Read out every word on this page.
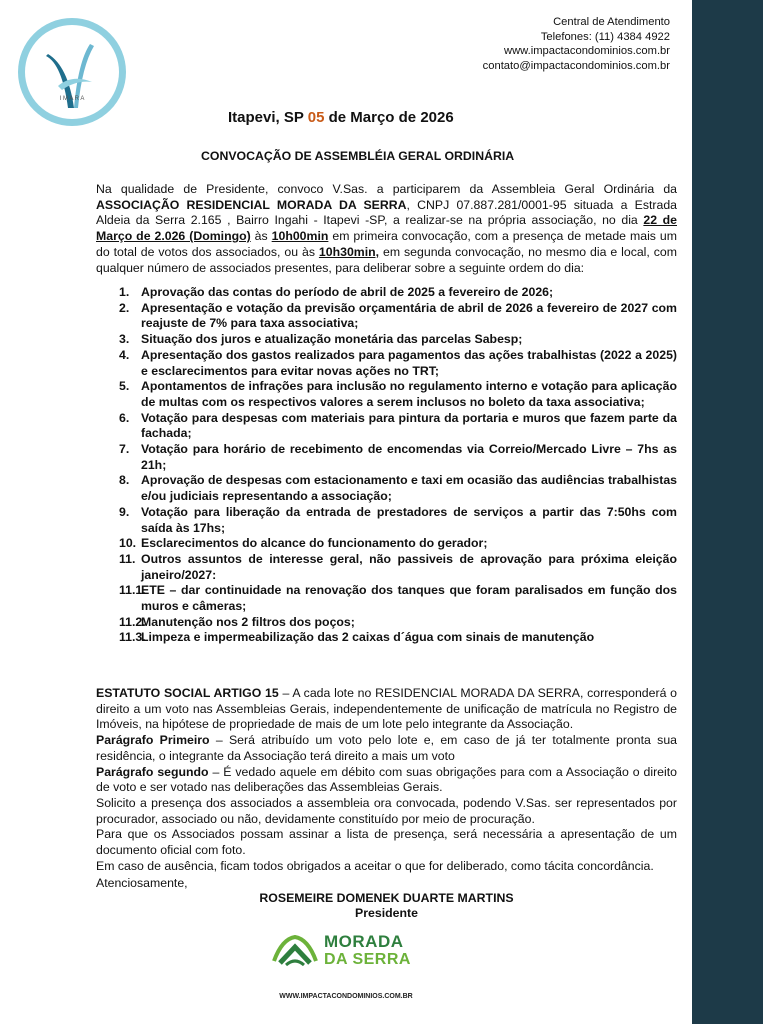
I M A R A
Central de Atendimento
Telefones: (11) 4384 4922
www.impactacondominios.com.br
contato@impactacondominios.com.br
Itapevi, SP 05 de Março de 2026
CONVOCAÇÃO DE ASSEMBLÉIA GERAL ORDINÁRIA
Na qualidade de Presidente, convoco V.Sas. a participarem da Assembleia Geral Ordinária da ASSOCIAÇÃO RESIDENCIAL MORADA DA SERRA, CNPJ 07.887.281/0001-95 situada a Estrada Aldeia da Serra 2.165 , Bairro Ingahi - Itapevi -SP, a realizar-se na própria associação, no dia 22 de Março de 2.026 (Domingo) às 10h00min em primeira convocação, com a presença de metade mais um do total de votos dos associados, ou às 10h30min, em segunda convocação, no mesmo dia e local, com qualquer número de associados presentes, para deliberar sobre a seguinte ordem do dia:
1. Aprovação das contas do período de abril de 2025 a fevereiro de 2026;
2. Apresentação e votação da previsão orçamentária de abril de 2026 a fevereiro de 2027 com reajuste de 7% para taxa associativa;
3. Situação dos juros e atualização monetária das parcelas Sabesp;
4. Apresentação dos gastos realizados para pagamentos das ações trabalhistas (2022 a 2025) e esclarecimentos para evitar novas ações no TRT;
5. Apontamentos de infrações para inclusão no regulamento interno e votação para aplicação de multas com os respectivos valores a serem inclusos no boleto da taxa associativa;
6. Votação para despesas com materiais para pintura da portaria e muros que fazem parte da fachada;
7. Votação para horário de recebimento de encomendas via Correio/Mercado Livre – 7hs as 21h;
8. Aprovação de despesas com estacionamento e taxi em ocasião das audiências trabalhistas e/ou judiciais representando a associação;
9. Votação para liberação da entrada de prestadores de serviços a partir das 7:50hs com saída às 17hs;
10. Esclarecimentos do alcance do funcionamento do gerador;
11. Outros assuntos de interesse geral, não passiveis de aprovação para próxima eleição janeiro/2027:
11.1.
ETE – dar continuidade na renovação dos tanques que foram paralisados em função dos muros e câmeras;
11.2.
Manutenção nos 2 filtros dos poços;
11.3.
Limpeza e impermeabilização das 2 caixas d´água com sinais de manutenção

ESTATUTO SOCIAL ARTIGO 15 – A cada lote no RESIDENCIAL MORADA DA SERRA, corresponderá o direito a um voto nas Assembleias Gerais, independentemente de unificação de matrícula no Registro de Imóveis, na hipótese de propriedade de mais de um lote pelo integrante da Associação.

Parágrafo Primeiro – Será atribuído um voto pelo lote e, em caso de já ter totalmente pronta sua residência, o integrante da Associação terá direito a mais um voto

Parágrafo segundo – É vedado aquele em débito com suas obrigações para com a Associação o direito de voto e ser votado nas deliberações das Assembleias Gerais.

Solicito a presença dos associados a assembleia ora convocada, podendo V.Sas. ser representados por procurador, associado ou não, devidamente constituído por meio de procuração.

Para que os Associados possam assinar a lista de presença, será necessária a apresentação de um documento oficial com foto.

Em caso de ausência, ficam todos obrigados a aceitar o que for deliberado, como tácita concordância.

Atenciosamente,
ROSEMEIRE DOMENEK DUARTE MARTINS
Presidente
MORADA
DA SERRA
WWW.IMPACTACONDOMINIOS.COM.BR
